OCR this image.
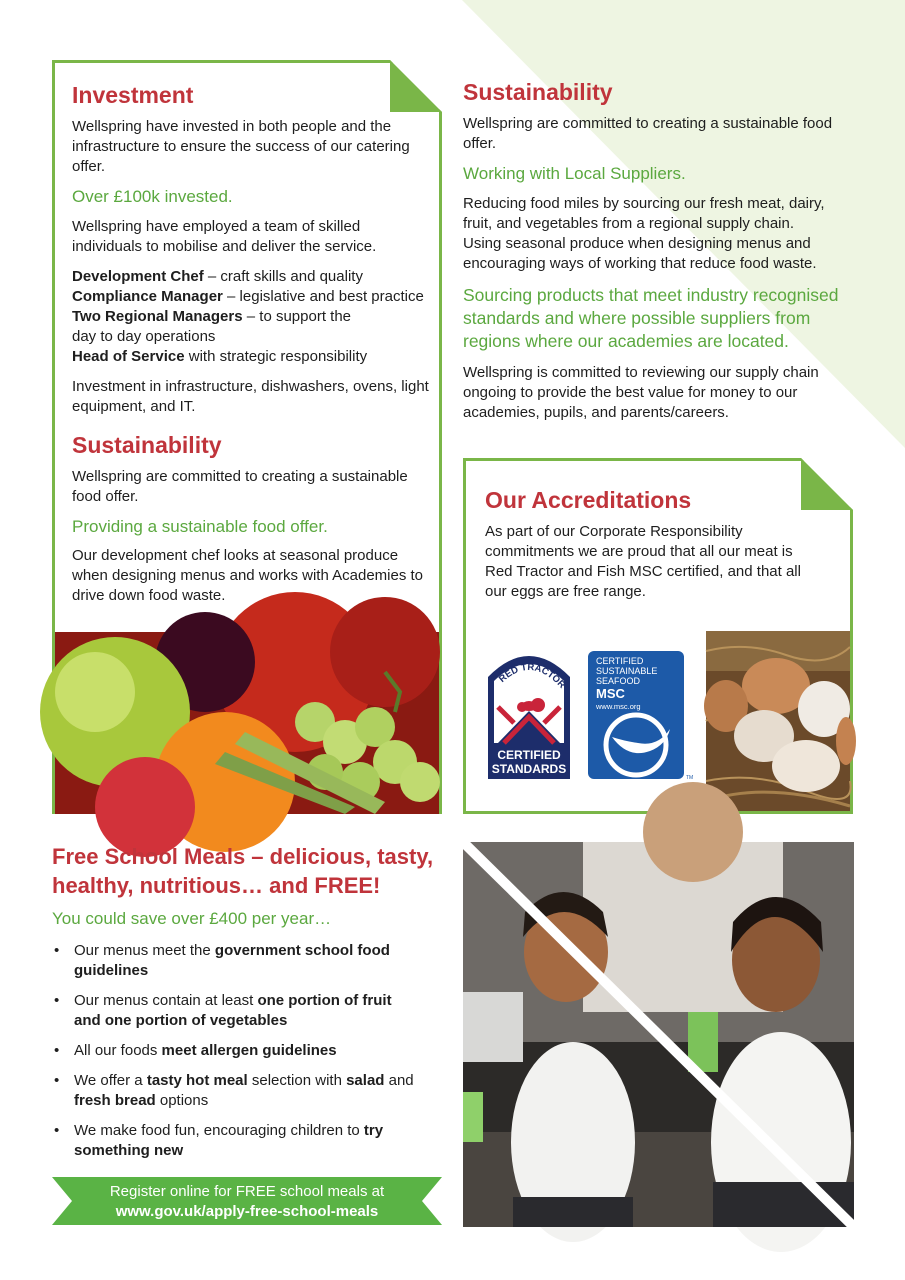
Investment
Wellspring have invested in both people and the infrastructure to ensure the success of our catering offer.
Over £100k invested.
Wellspring have employed a team of skilled individuals to mobilise and deliver the service.
Development Chef – craft skills and quality
Compliance Manager – legislative and best practice
Two Regional Managers – to support the day to day operations
Head of Service with strategic responsibility
Investment in infrastructure, dishwashers, ovens, light equipment, and IT.
Sustainability
Wellspring are committed to creating a sustainable food offer.
Providing a sustainable food offer.
Our development chef looks at seasonal produce when designing menus and works with Academies to drive down food waste.
Sustainability
Wellspring are committed to creating a sustainable food offer.
Working with Local Suppliers.
Reducing food miles by sourcing our fresh meat, dairy, fruit, and vegetables from a regional supply chain. Using seasonal produce when designing menus and encouraging ways of working that reduce food waste.
Sourcing products that meet industry recognised standards and where possible suppliers from regions where our academies are located.
Wellspring is committed to reviewing our supply chain ongoing to provide the best value for money to our academies, pupils, and parents/careers.
Our Accreditations
As part of our Corporate Responsibility commitments we are proud that all our meat is Red Tractor and Fish MSC certified, and that all our eggs are free range.
RED TRACTOR
CERTIFIED
STANDARDS
CERTIFIED
SUSTAINABLE
SEAFOOD
MSC
www.msc.org
TM
Free School Meals – delicious, tasty,
healthy, nutritious… and FREE!
You could save over £400 per year…
• Our menus meet the government school food guidelines
• Our menus contain at least one portion of fruit and one portion of vegetables
• All our foods meet allergen guidelines
• We offer a tasty hot meal selection with salad and fresh bread options
• We make food fun, encouraging children to try something new
Register online for FREE school meals at
www.gov.uk/apply-free-school-meals
